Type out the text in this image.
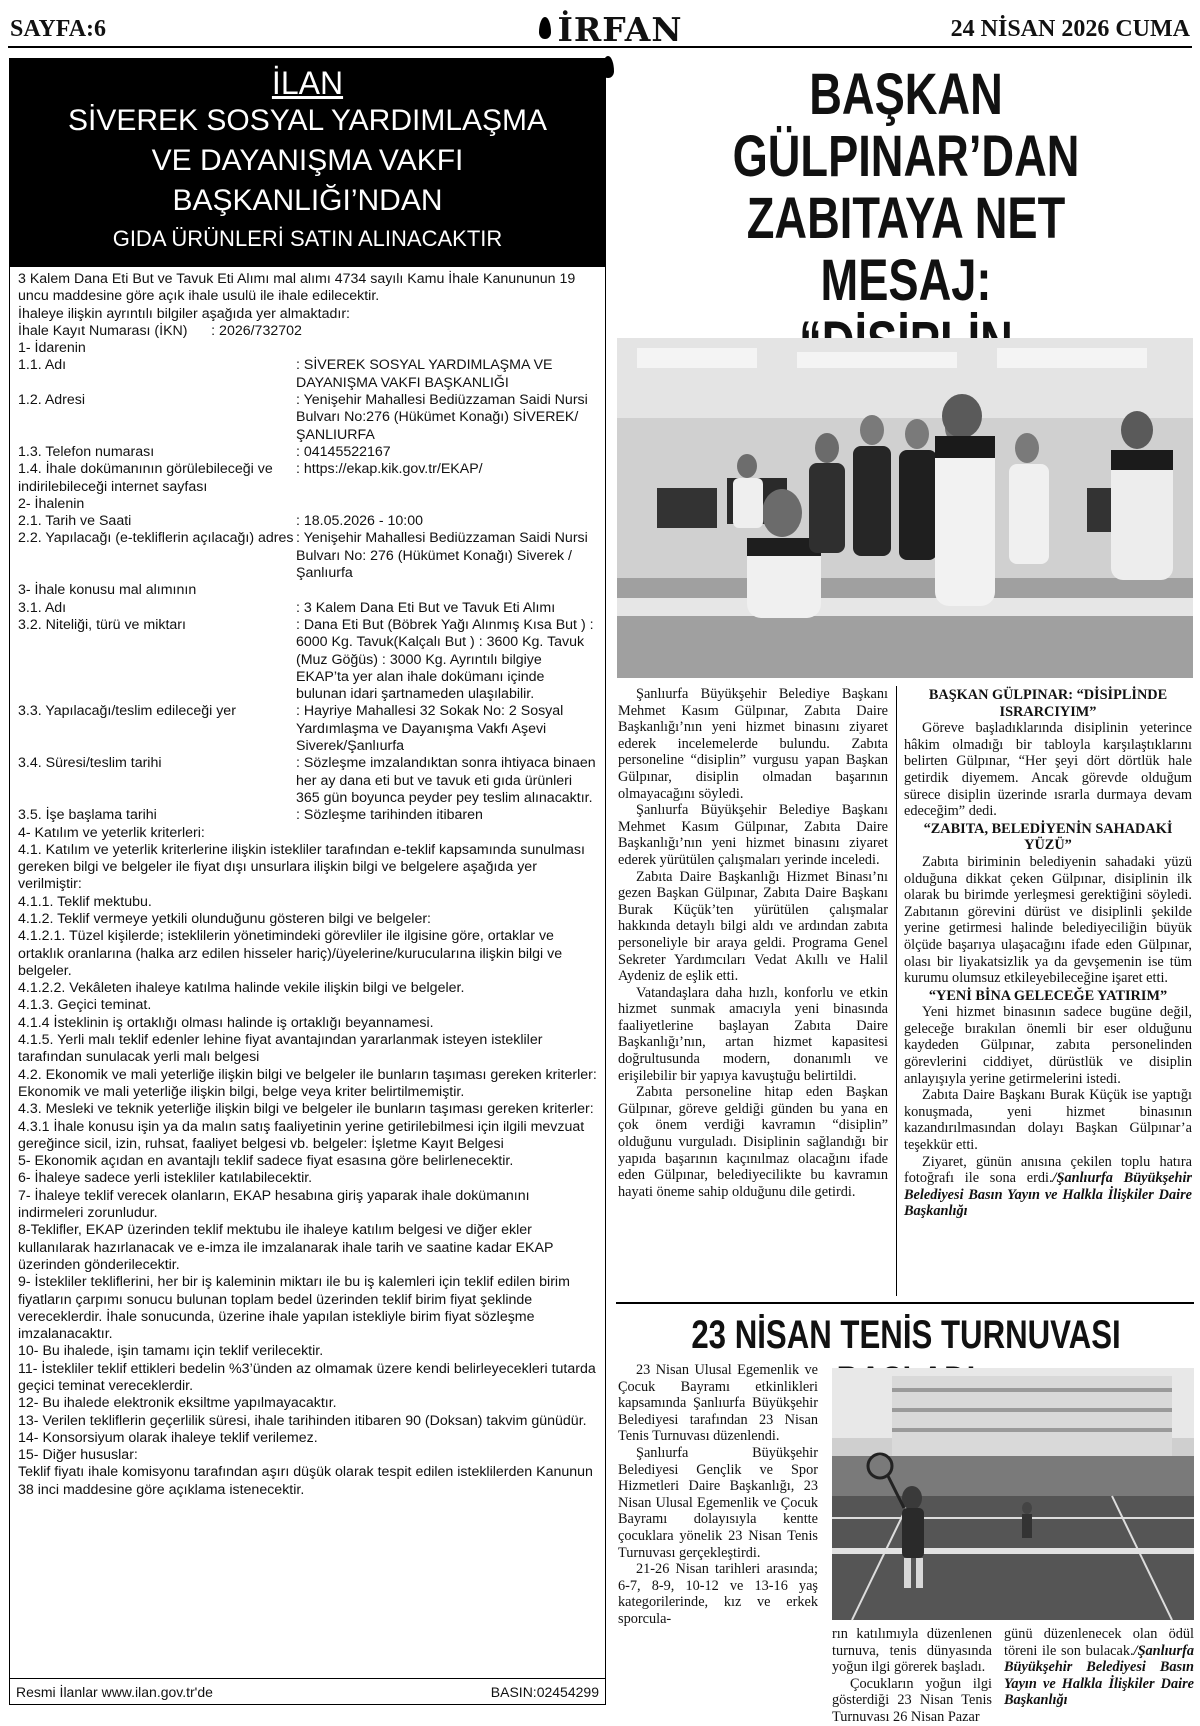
SAYFA:6	İRFAN	24 NİSAN 2026 CUMA
İLAN
SİVEREK SOSYAL YARDIMLAŞMA
VE DAYANIŞMA VAKFI
BAŞKANLIĞI’NDAN
GIDA ÜRÜNLERİ SATIN ALINACAKTIR

3 Kalem Dana Eti But ve Tavuk Eti Alımı mal alımı 4734 sayılı Kamu İhale Kanununun 19 uncu maddesine göre açık ihale usulü ile ihale edilecektir.

İhaleye ilişkin ayrıntılı bilgiler aşağıda yer almaktadır:

İhale Kayıt Numarası (İKN)      : 2026/732702

1- İdarenin
1.1. Adı	: SİVEREK SOSYAL YARDIMLAŞMA VE DAYANIŞMA VAKFI BAŞKANLIĞI
1.2. Adresi	: Yenişehir Mahallesi Bediüzzaman Saidi Nursi Bulvarı No:276 (Hükümet Konağı) SİVEREK/ŞANLIURFA
1.3. Telefon numarası	: 04145522167
1.4. İhale dokümanının görülebileceği ve indirilebileceği internet sayfası
: https://ekap.kik.gov.tr/EKAP/
2- İhalenin
2.1. Tarih ve Saati	: 18.05.2026 - 10:00
2.2. Yapılacağı (e-tekliflerin açılacağı) adres : Yenişehir Mahallesi Bediüzzaman Saidi Nursi Bulvarı No: 276 (Hükümet Konağı) Siverek / Şanlıurfa
3- İhale konusu mal alımının
3.1. Adı	: 3 Kalem Dana Eti But ve Tavuk Eti Alımı
3.2. Niteliği, türü ve miktarı	: Dana Eti But (Böbrek Yağı Alınmış Kısa But ) : 6000 Kg. Tavuk(Kalçalı But ) : 3600 Kg. Tavuk (Muz Göğüs) : 3000 Kg. Ayrıntılı bilgiye EKAP’ta yer alan ihale dokümanı içinde bulunan idari şartnameden ulaşılabilir.
3.3. Yapılacağı/teslim edileceği yer	: Hayriye Mahallesi 32 Sokak No: 2 Sosyal Yardımlaşma ve Dayanışma Vakfı Aşevi Siverek/Şanlıurfa
3.4. Süresi/teslim tarihi	: Sözleşme imzalandıktan sonra ihtiyaca binaen her ay dana eti but ve tavuk eti gıda ürünleri 365 gün boyunca peyder pey teslim alınacaktır.
3.5. İşe başlama tarihi	: Sözleşme tarihinden itibaren

4- Katılım ve yeterlik kriterleri:

4.1. Katılım ve yeterlik kriterlerine ilişkin istekliler tarafından e-teklif kapsamında sunulması gereken bilgi ve belgeler ile fiyat dışı unsurlara ilişkin bilgi ve belgelere aşağıda yer verilmiştir:

4.1.1. Teklif mektubu.

4.1.2. Teklif vermeye yetkili olunduğunu gösteren bilgi ve belgeler:

4.1.2.1. Tüzel kişilerde; isteklilerin yönetimindeki görevliler ile ilgisine göre, ortaklar ve ortaklık oranlarına (halka arz edilen hisseler hariç)/üyelerine/kurucularına ilişkin bilgi ve belgeler.

4.1.2.2. Vekâleten ihaleye katılma halinde vekile ilişkin bilgi ve belgeler.

4.1.3. Geçici teminat.

4.1.4 İsteklinin iş ortaklığı olması halinde iş ortaklığı beyannamesi.

4.1.5. Yerli malı teklif edenler lehine fiyat avantajından yararlanmak isteyen istekliler tarafından sunulacak yerli malı belgesi

4.2. Ekonomik ve mali yeterliğe ilişkin bilgi ve belgeler ile bunların taşıması gereken kriterler:

Ekonomik ve mali yeterliğe ilişkin bilgi, belge veya kriter belirtilmemiştir.

4.3. Mesleki ve teknik yeterliğe ilişkin bilgi ve belgeler ile bunların taşıması gereken kriterler:

4.3.1 İhale konusu işin ya da malın satış faaliyetinin yerine getirilebilmesi için ilgili mevzuat gereğince sicil, izin, ruhsat, faaliyet belgesi vb. belgeler: İşletme Kayıt Belgesi

5- Ekonomik açıdan en avantajlı teklif sadece fiyat esasına göre belirlenecektir.

6- İhaleye sadece yerli istekliler katılabilecektir.

7- İhaleye teklif verecek olanların, EKAP hesabına giriş yaparak ihale dokümanını indirmeleri zorunludur.

8-Teklifler, EKAP üzerinden teklif mektubu ile ihaleye katılım belgesi ve diğer ekler kullanılarak hazırlanacak ve e-imza ile imzalanarak ihale tarih ve saatine kadar EKAP üzerinden gönderilecektir.

9- İstekliler tekliflerini, her bir iş kaleminin miktarı ile bu iş kalemleri için teklif edilen birim fiyatların çarpımı sonucu bulunan toplam bedel üzerinden teklif birim fiyat şeklinde vereceklerdir. İhale sonucunda, üzerine ihale yapılan istekliyle birim fiyat sözleşme imzalanacaktır.

10- Bu ihalede, işin tamamı için teklif verilecektir.

11- İstekliler teklif ettikleri bedelin %3’ünden az olmamak üzere kendi belirleyecekleri tutarda geçici teminat vereceklerdir.

12- Bu ihalede elektronik eksiltme yapılmayacaktır.

13- Verilen tekliflerin geçerlilik süresi, ihale tarihinden itibaren 90 (Doksan) takvim günüdür.

14- Konsorsiyum olarak ihaleye teklif verilemez.

15- Diğer hususlar:

Teklif fiyatı ihale komisyonu tarafından aşırı düşük olarak tespit edilen isteklilerden Kanunun 38 inci maddesine göre açıklama istenecektir.

Resmi İlanlar www.ilan.gov.tr'de	BASIN:02454299
BAŞKAN GÜLPINAR’DAN
ZABITAYA NET MESAJ:

Şanlıurfa Büyükşehir Belediye Başkanı Mehmet Kasım Gülpınar, Zabıta Daire Başkanlığı’nın yeni hizmet binasını ziyaret ederek incelemelerde bulundu. Zabıta personeline “disiplin” vurgusu yapan Başkan Gülpınar, disiplin olmadan başarının olmayacağını söyledi.

Şanlıurfa Büyükşehir Belediye Başkanı Mehmet Kasım Gülpınar, Zabıta Daire Başkanlığı’nın yeni hizmet binasını ziyaret ederek yürütülen çalışmaları yerinde inceledi.

Zabıta Daire Başkanlığı Hizmet Binası’nı gezen Başkan Gülpınar, Zabıta Daire Başkanı Burak Küçük’ten yürütülen çalışmalar hakkında detaylı bilgi aldı ve ardından zabıta personeliyle bir araya geldi. Programa Genel Sekreter Yardımcıları Vedat Akıllı ve Halil Aydeniz de eşlik etti.

Vatandaşlara daha hızlı, konforlu ve etkin hizmet sunmak amacıyla yeni binasında faaliyetlerine başlayan Zabıta Daire Başkanlığı’nın, artan hizmet kapasitesi doğrultusunda modern, donanımlı ve erişilebilir bir yapıya kavuştuğu belirtildi.

Zabıta personeline hitap eden Başkan Gülpınar, göreve geldiği günden bu yana en çok önem verdiği kavramın “disiplin” olduğunu vurguladı. Disiplinin sağlandığı bir yapıda başarının kaçınılmaz olacağını ifade eden Gülpınar, belediyecilikte bu kavramın hayati öneme sahip olduğunu dile getirdi.

BAŞKAN GÜLPINAR: “DİSİPLİNDE ISRARCIYIM”

Göreve başladıklarında disiplinin yeterince hâkim olmadığı bir tabloyla karşılaştıklarını belirten Gülpınar, “Her şeyi dört dörtlük hale getirdik diyemem. Ancak görevde olduğum sürece disiplin üzerinde ısrarla durmaya devam edeceğim” dedi.

“ZABITA, BELEDİYENİN SAHADAKİ YÜZÜ”

Zabıta biriminin belediyenin sahadaki yüzü olduğuna dikkat çeken Gülpınar, disiplinin ilk olarak bu birimde yerleşmesi gerektiğini söyledi. Zabıtanın görevini dürüst ve disiplinli şekilde yerine getirmesi halinde belediyeciliğin büyük ölçüde başarıya ulaşacağını ifade eden Gülpınar, olası bir liyakatsizlik ya da gevşemenin ise tüm kurumu olumsuz etkileyebileceğine işaret etti.

“YENİ BİNA GELECEĞE YATIRIM”

Yeni hizmet binasının sadece bugüne değil, geleceğe bırakılan önemli bir eser olduğunu kaydeden Gülpınar, zabıta personelinden görevlerini ciddiyet, dürüstlük ve disiplin anlayışıyla yerine getirmelerini istedi.

Zabıta Daire Başkanı Burak Küçük ise yaptığı konuşmada, yeni hizmet binasının kazandırılmasından dolayı Başkan Gülpınar’a teşekkür etti.

Ziyaret, günün anısına çekilen toplu hatıra fotoğrafı ile sona erdi./Şanlıurfa Büyükşehir Belediyesi Basın Yayın ve Halkla İlişkiler Daire Başkanlığı

23 NİSAN TENİS TURNUVASI

23 Nisan Ulusal Egemenlik ve Çocuk Bayramı etkinlikleri kapsamında Şanlıurfa Büyükşehir Belediyesi tarafından 23 Nisan Tenis Turnuvası düzenlendi.

Şanlıurfa Büyükşehir Belediyesi Gençlik ve Spor Hizmetleri Daire Başkanlığı, 23 Nisan Ulusal Egemenlik ve Çocuk Bayramı dolayısıyla kentte çocuklara yönelik 23 Nisan Tenis Turnuvası gerçekleştirdi.

21-26 Nisan tarihleri arasında; 6-7, 8-9, 10-12 ve 13-16 yaş kategorilerinde, kız ve erkek sporcula-

rın katılımıyla düzenlenen turnuva, tenis dünyasında yoğun ilgi görerek başladı.

Çocukların yoğun ilgi gösterdiği 23 Nisan Tenis Turnuvası 26 Nisan Pazar

günü düzenlenecek olan ödül töreni ile son bulacak./Şanlıurfa Büyükşehir Belediyesi Basın Yayın ve Halkla İlişkiler Daire Başkanlığı
